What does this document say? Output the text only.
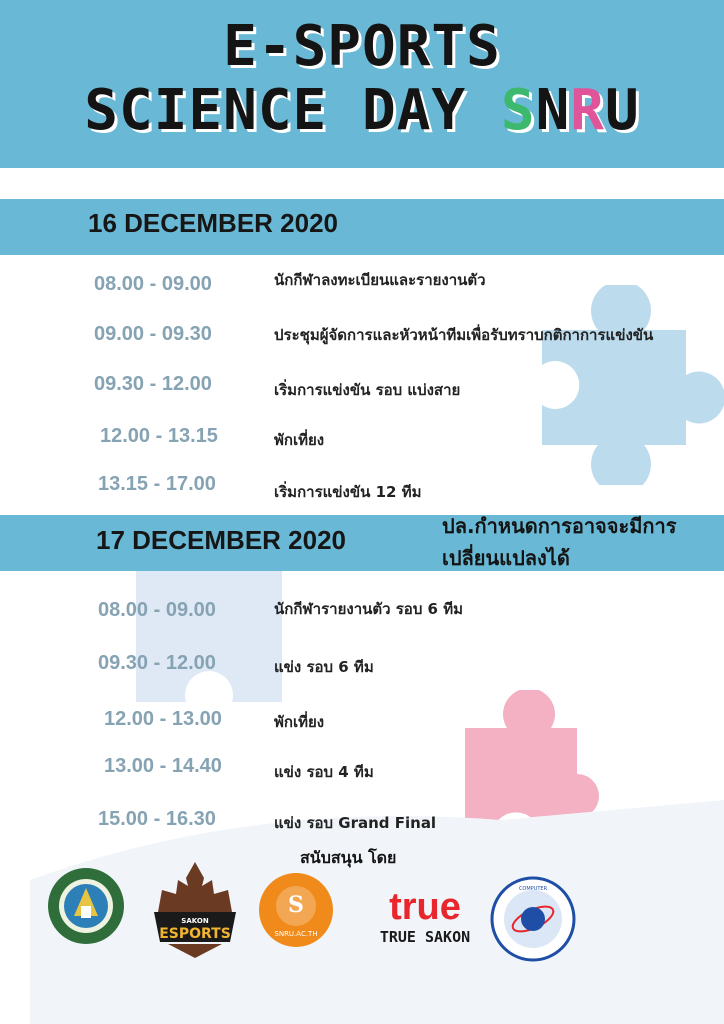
E-SPORTS
SCIENCE DAY SNRU
16 DECEMBER 2020
08.00 - 09.00	นักกีฬาลงทะเบียนและรายงานตัว
09.00 - 09.30	ประชุมผู้จัดการและหัวหน้าทีมเพื่อรับทราบกติกาการแข่งขัน
09.30 - 12.00	เริ่มการแข่งขัน รอบ แบ่งสาย
12.00 - 13.15	พักเที่ยง
13.15 - 17.00	เริ่มการแข่งขัน 12 ทีม
17 DECEMBER 2020	ปล.กำหนดการอาจจะมีการ
เปลี่ยนแปลงได้
08.00 - 09.00	นักกีฬารายงานตัว รอบ 6 ทีม
09.30 - 12.00	แข่ง รอบ 6 ทีม
12.00 - 13.00	พักเที่ยง
13.00 - 14.40	แข่ง รอบ 4 ทีม
15.00 - 16.30	แข่ง รอบ Grand Final
สนับสนุน โดย
SAKON
ESPORTS
S
SNRU.AC.TH
true
TRUE SAKON
COMPUTER
